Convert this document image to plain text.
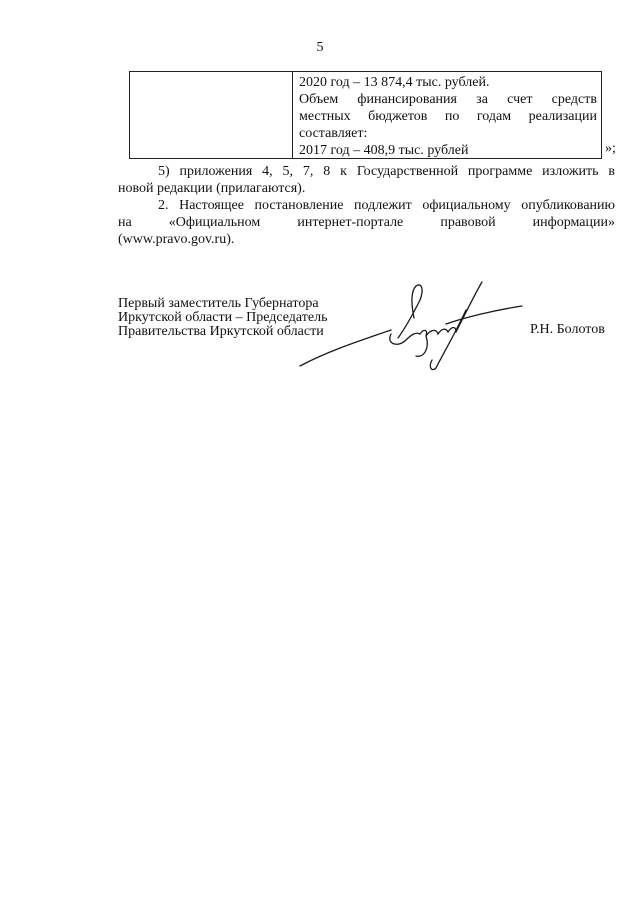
5
2020 год – 13 874,4 тыс. рублей.
Объем финансирования за счет средств
местных бюджетов по годам реализации
составляет:
2017 год – 408,9 тыс. рублей	»;
5) приложения 4, 5, 7, 8 к Государственной программе изложить в
новой редакции (прилагаются).
2. Настоящее постановление подлежит официальному опубликованию
на	«Официальном	интернет-портале	правовой	информации»
(www.pravo.gov.ru).
Первый заместитель Губернатора
Иркутской области – Председатель
Правительства Иркутской области	Р.Н. Болотов
